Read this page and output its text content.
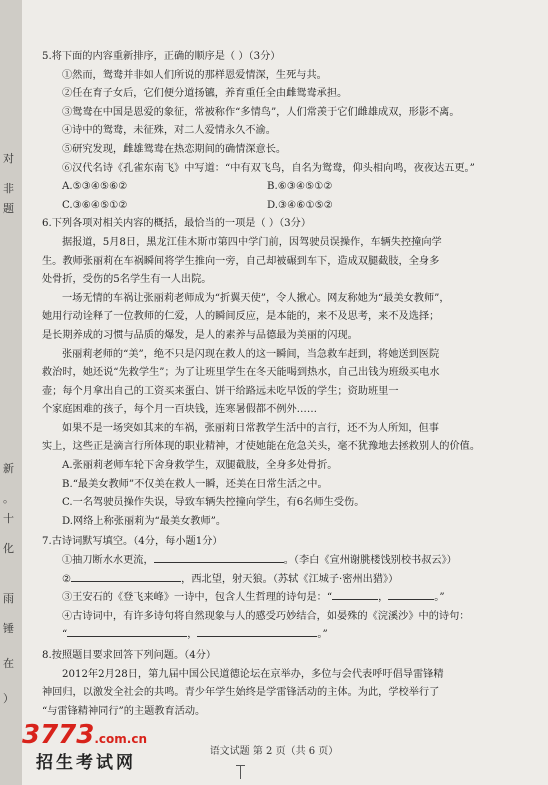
对
非
题
新
。
十
化
雨
锤
在
）
5.将下面的内容重新排序，正确的顺序是（ ）（3分）
①然而，鸳鸯并非如人们所说的那样恩爱情深，生死与共。
②任在育子女后，它们便分道扬镳，养育重任全由雌鸳鸯承担。
③鸳鸯在中国是恩爱的象征，常被称作“多情鸟”，人们常羡于它们雌雄成双，形影不离。
④诗中的鸳鸯，未征殊，对二人爱情永久不渝。
⑤研究发现，雌雄鸳鸯在热恋期间的确情深意长。
⑥汉代名诗《孔雀东南飞》中写道：“中有双飞鸟，自名为鸳鸯，仰头相向鸣，夜夜达五更。”
A.⑤③④⑤⑥②	B.⑥③④⑤①②
C.③⑥④⑤①②	D.③④⑥①⑤②
6.下列各项对相关内容的概括，最恰当的一项是（ ）（3分）
据报道，5月8日，黑龙江佳木斯市第四中学门前，因驾驶员误操作，车辆失控撞向学
生。教师张丽莉在车祸瞬间将学生推向一旁，自己却被碾到车下，造成双腿截肢，全身多
处骨折，受伤的5名学生有一人出院。
一场无情的车祸让张丽莉老师成为“折翼天使”，令人揪心。网友称她为“最美女教师”，
她用行动诠释了一位教师的仁爱，人的瞬间反应，是本能的，来不及思考，来不及选择；
是长期养成的习惯与品质的爆发，是人的素养与品德最为美丽的闪现。
张丽莉老师的“美”，绝不只是闪现在救人的这一瞬间，当急救车赶到，将她送到医院
救治时，她还说“先救学生”；为了让班里学生在冬天能喝到热水，自己出钱为班级买电水
壶；每个月拿出自己的工资买来蛋白、饼干给路远未吃早饭的学生；资助班里一
个家庭困难的孩子，每个月一百块钱，连寒暑假都不例外……
如果不是一场突如其来的车祸，张丽莉日常教学生活中的言行，还不为人所知，但事
实上，这些正是滴言行所体现的职业精神，才使她能在危急关头，毫不犹豫地去拯救别人的价值。
A.张丽莉老师车轮下舍身救学生，双腿截肢，全身多处骨折。
B.“最美女教师”不仅美在救人一瞬，还美在日常生活之中。
C.一名驾驶员操作失误，导致车辆失控撞向学生，有6名师生受伤。
D.网络上称张丽莉为“最美女教师”。
7.古诗词默写填空。（4分，每小题1分）
①抽刀断水水更流，	。（李白《宣州谢朓楼饯别校书叔云》）
②	，西北望，射天狼。（苏轼《江城子·密州出猎》）
③王安石的《登飞来峰》一诗中，包含人生哲理的诗句是：“	，	。”
④古诗词中，有许多诗句将自然现象与人的感受巧妙结合，如晏殊的《浣溪沙》中的诗句：
“	，	。”
8.按照题目要求回答下列问题。（4分）
2012年2月28日，第九届中国公民道德论坛在京举办，多位与会代表呼吁倡导雷锋精
神回归，以激发全社会的共鸣。青少年学生始终是学雷锋活动的主体。为此，学校举行了
“与雷锋精神同行”的主题教育活动。
3773.com.cn
招生考试网
语文试题 第 2 页（共 6 页）
